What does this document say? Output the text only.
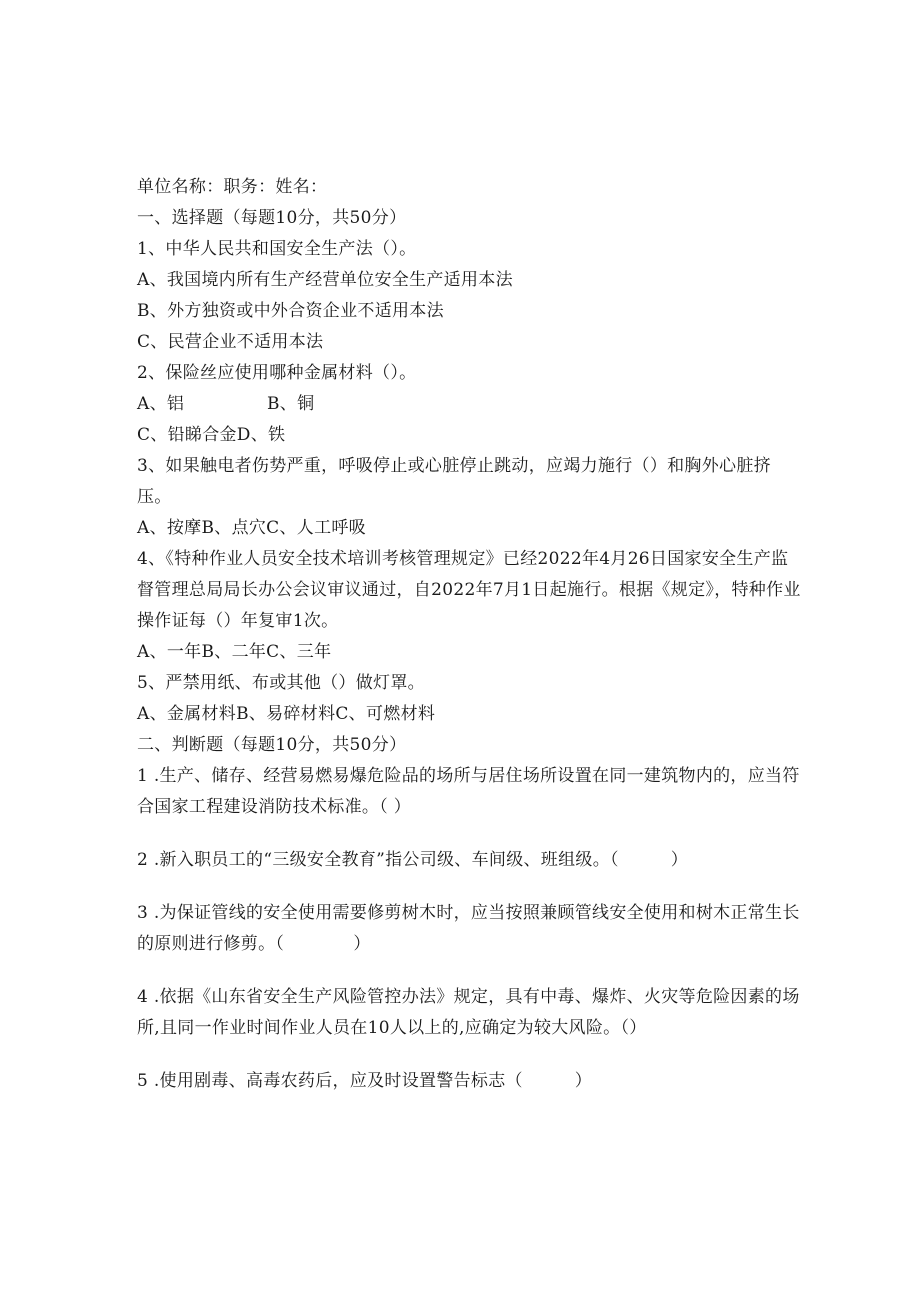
单位名称：职务：姓名：
一、选择题（每题10分，共50分）
1、中华人民共和国安全生产法（）。
A、我国境内所有生产经营单位安全生产适用本法
B、外方独资或中外合资企业不适用本法
C、民营企业不适用本法
2、保险丝应使用哪种金属材料（）。
A、铝	B、铜
C、铅睇合金D、铁
3、如果触电者伤势严重，呼吸停止或心脏停止跳动，应竭力施行（）和胸外心脏挤压。
A、按摩B、点穴C、人工呼吸
4、《特种作业人员安全技术培训考核管理规定》已经2022年4月26日国家安全生产监督管理总局局长办公会议审议通过，自2022年7月1日起施行。根据《规定》，特种作业操作证每（）年复审1次。
A、一年B、二年C、三年
5、严禁用纸、布或其他（）做灯罩。
A、金属材料B、易碎材料C、可燃材料
二、判断题（每题10分，共50分）
1 .生产、储存、经营易燃易爆危险品的场所与居住场所设置在同一建筑物内的，应当符合国家工程建设消防技术标准。（ ）
2 .新入职员工的“三级安全教育”指公司级、车间级、班组级。（　　　）
3 .为保证管线的安全使用需要修剪树木时，应当按照兼顾管线安全使用和树木正常生长的原则进行修剪。（　　　　）
4 .依据《山东省安全生产风险管控办法》规定，具有中毒、爆炸、火灾等危险因素的场所,且同一作业时间作业人员在10人以上的,应确定为较大风险。（）
5 .使用剧毒、高毒农药后，应及时设置警告标志（　　　）
